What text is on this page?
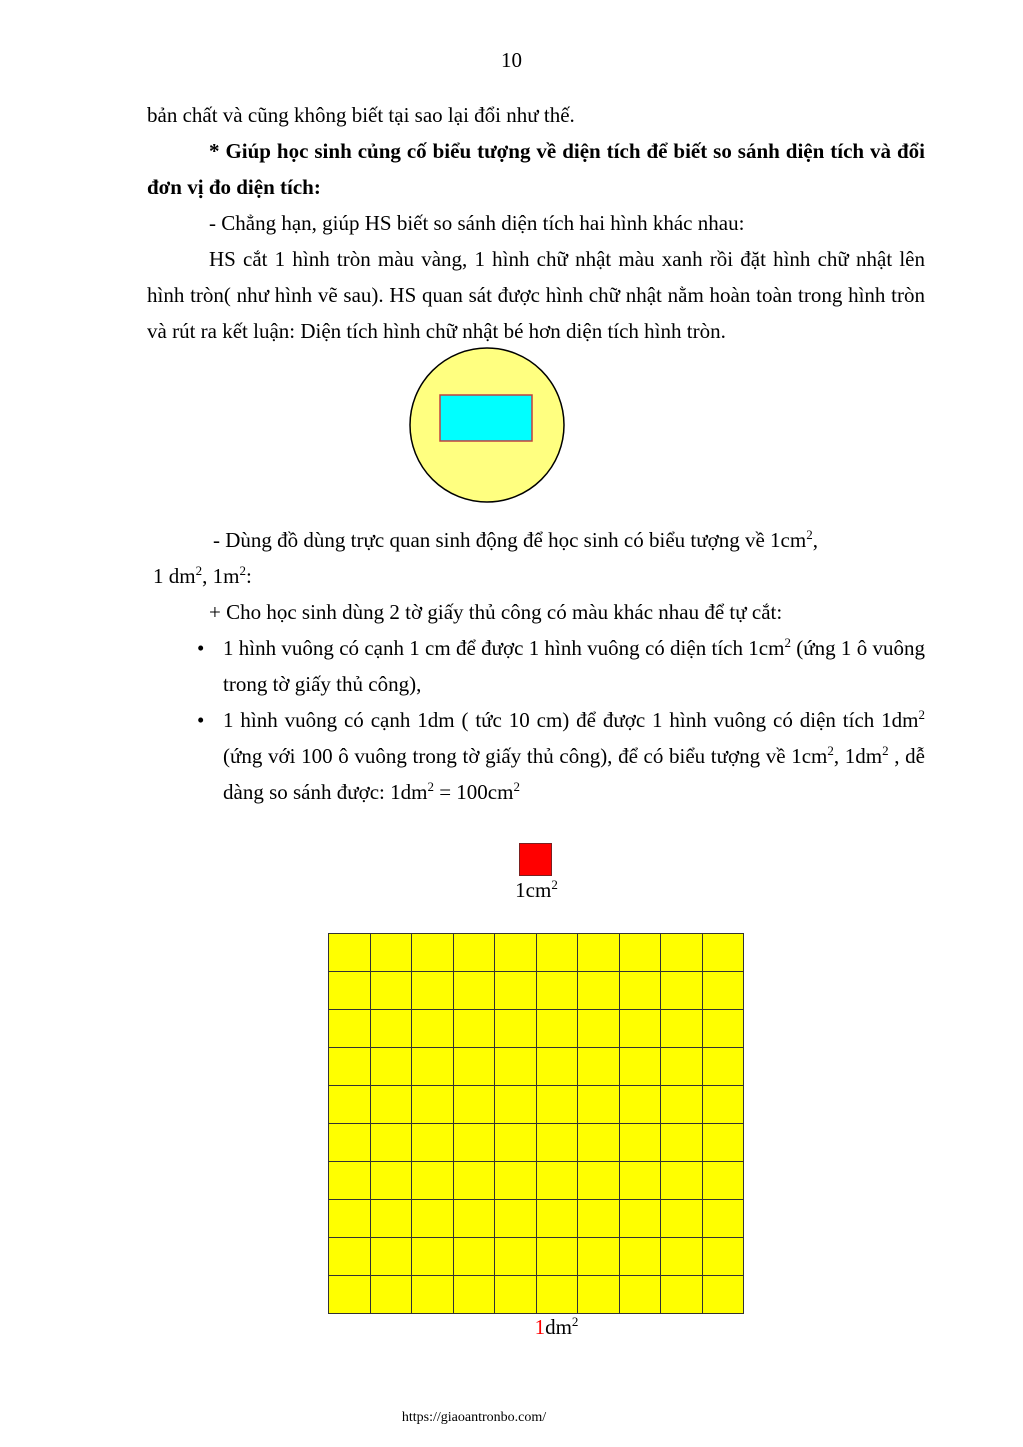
10

bản chất và cũng không biết tại sao lại đổi như thế.

* Giúp học sinh củng cố biểu tượng về diện tích để biết so sánh diện tích và đổi đơn vị đo diện tích:

- Chẳng hạn, giúp HS biết so sánh diện tích hai hình khác nhau:

HS cắt 1 hình tròn màu vàng, 1 hình chữ nhật màu xanh rồi đặt hình chữ nhật lên hình tròn( như hình vẽ sau). HS quan sát được hình chữ nhật nằm hoàn toàn trong hình tròn và rút ra kết luận: Diện tích hình chữ nhật bé hơn diện tích hình tròn.

- Dùng đồ dùng trực quan sinh động để học sinh có biểu tượng về $1cm^2$,

1 $dm^2$, $1m^2$:

+ Cho học sinh dùng 2 tờ giấy thủ công có màu khác nhau để tự cắt:

• 1 hình vuông có cạnh 1 cm để được 1 hình vuông có diện tích $1cm^2$ (ứng 1 ô vuông trong tờ giấy thủ công),
• 1 hình vuông có cạnh 1dm ( tức 10 cm) để được 1 hình vuông có diện tích $1dm^2$ (ứng với 100 ô vuông trong tờ giấy thủ công), để có biểu tượng về $1cm^2$, $1dm^2$ , dễ dàng so sánh được: $1dm^2 = 100cm^2$
$1cm^2$

$1dm^2$
https://giaoantronbo.com/
